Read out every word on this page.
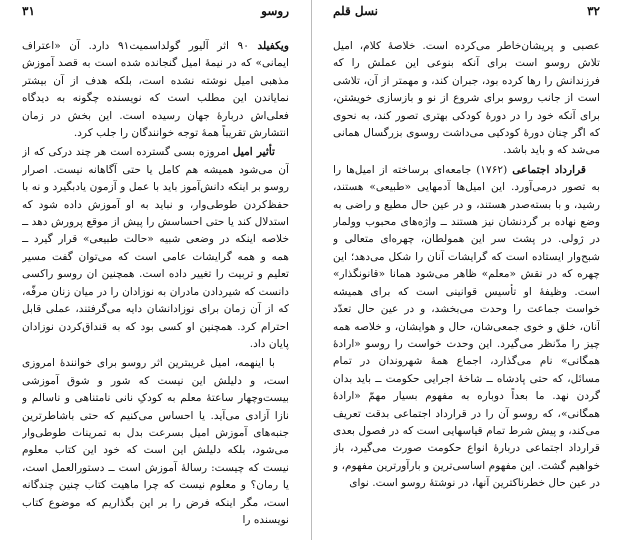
روسو
۳۱

ویکفیلد ۹۰ اثر آلیور گولداسمیت۹۱ دارد. آن «اعتراف ایمانی» که در نیمهٔ امیل گنجانده شده است به قصد آموزش مذهبی امیل نوشته نشده است، بلکه هدف از آن بیشتر نمایاندن این مطلب است که نویسنده چگونه به دیدگاه فعلی‌اش دربارهٔ جهان رسیده است. این بخش در زمان انتشارش تقریباً همهٔ توجه خوانندگان را جلب کرد.

تأثیر امیل امروزه بسی گسترده است هر چند درکی که از آن می‌شود همیشه هم کامل یا حتی آگاهانه نیست. اصرار روسو بر اینکه دانش‌آموز باید با عمل و آزمون یادبگیرد و نه با حفظ‌کردن طوطی‌وار، و نباید به او آموزش داده شود که استدلال کند یا حتی احساسش را پیش از موقع پرورش دهد ــ خلاصه اینکه در وضعی شبیه «حالت طبیعی» قرار گیرد ــ همه و همه گرایشات عامی است که می‌توان گفت مسیر تعلیم و تربیت را تغییر داده است. همچنین ان روسو راکسی دانست که شیردادن مادران به نوزادان را در میان زنان مرفّه، که از آن زمان برای نوزادانشان دایه می‌گرفتند، عملی قابل احترام کرد. همچنین او کسی بود که به قنداق‌کردن نوزادان پایان داد.

با اینهمه، امیل غریبترین اثر روسو برای خوانندهٔ امروزی است، و دلیلش این نیست که شور و شوق آموزشی بیست‌وچهار ساعتهٔ معلم به کودکِ نانی نامتناهی و ناسالم و نازا آزادی می‌آید. یا احساس می‌کنیم که حتی باشاطرترین جنبه‌های آموزش امیل بسرعت بدل به تمرینات طوطی‌وار می‌شود، بلکه دلیلش این است که خود این کتاب معلوم نیست که چیست: رسالهٔ آموزش است ــ دستورالعمل است، یا رمان؟ و معلوم نیست که چرا ماهیت کتاب چنین چندگانه است، مگر اینکه فرض را بر این بگذاریم که موضوع کتاب نویسنده را

۳۲
نسل قلم

عصبی و پریشان‌خاطر می‌کرده است. خلاصهٔ کلام، امیل تلاش روسو است برای آنکه بنوعی این عملش را که فرزندانش را رها کرده بود، جبران کند، و مهمتر از آن، تلاشی است از جانب روسو برای شروع از نو و بازسازی خویشتن، برای آنکه خود را در دورهٔ کودکی بهتری تصور کند، به نحوی که اگر چنان دورهٔ کودکیی می‌داشت روسوی بزرگسال همانی می‌شد که و باید باشد.

قرارداد اجتماعی (۱۷۶۲) جامعه‌ای برساخته از امیل‌ها را به تصور درمی‌آورد. این امیل‌ها آدمهایی «طبیعی» هستند، رشید، و با بسته‌صدر هستند، و در عین حال مطیع و راضی به وضع نهاده بر گردنشان نیز هستند ــ واژه‌های محبوب وولمار در ژولی. در پشت سر این همولطان، چهره‌ای متعالی و شبح‌وار ایستاده است که گرایشات آنان را شکل می‌دهد؛ این چهره که در نقش «معلم» ظاهر می‌شود همانا «قانونگذار» است. وظیفهٔ او تأسیس قوانینی است که برای همیشه خواست جماعت را وحدت می‌بخشد، و در عین حال تعدّد آنان، خلق و خوی جمعی‌شان، حال و هوایشان، و خلاصه همه چیز را مدّنظر می‌گیرد. این وحدت خواست را روسو «ارادهٔ همگانی» نام می‌گذارد، اجماع همهٔ شهروندان در تمام مسائل، که حتی پادشاه ــ شاخهٔ اجرایی حکومت ــ باید بدان گردن نهد. ما بعداً دوباره به مفهوم بسیار مهمّ «ارادهٔ همگانی»، که روسو آن را در قرارداد اجتماعی بدقت تعریف می‌کند، و پیش شرط تمام قیاسهایی است که در فصول بعدی قرارداد اجتماعی دربارهٔ انواع حکومت صورت می‌گیرد، باز خواهیم گشت. این مفهوم اساسی‌ترین و بارآورترین مفهوم، و در عین حال خطرناکترین آنها، در نوشتهٔ روسو است. نوای
